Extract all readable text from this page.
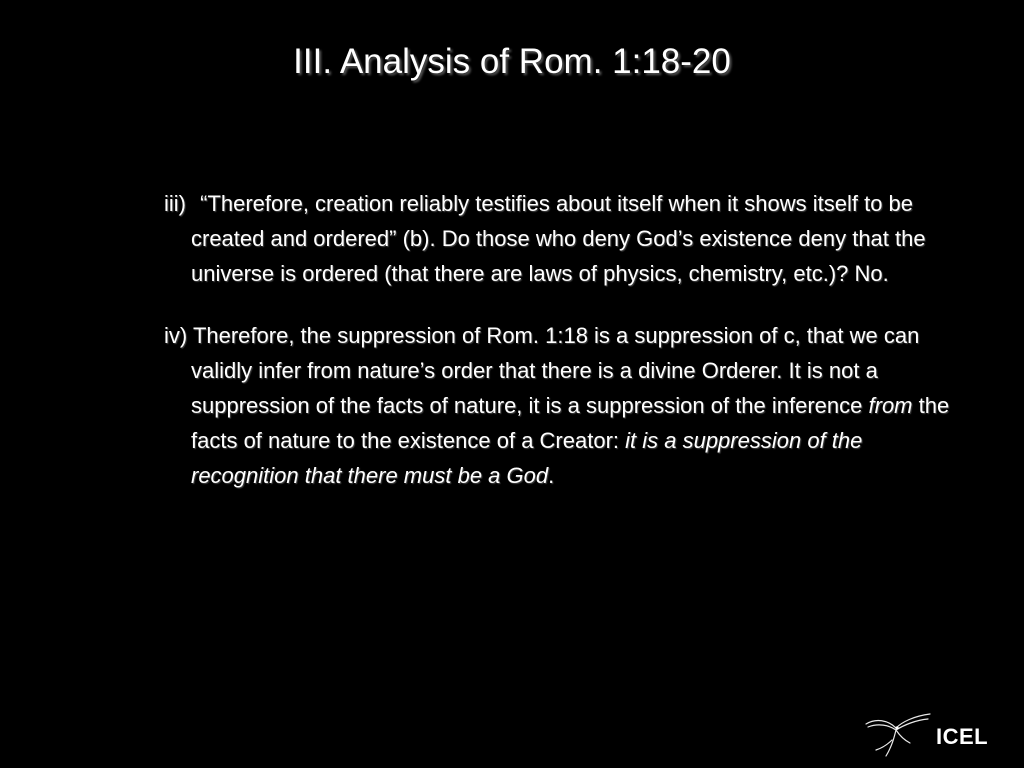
III. Analysis of Rom. 1:18-20

iii) “Therefore, creation reliably testifies about itself when it shows itself to be created and ordered” (b). Do those who deny God’s existence deny that the universe is ordered (that there are laws of physics, chemistry, etc.)? No.

iv) Therefore, the suppression of Rom. 1:18 is a suppression of c, that we can validly infer from nature’s order that there is a divine Orderer. It is not a suppression of the facts of nature, it is a suppression of the inference from the facts of nature to the existence of a Creator: it is a suppression of the recognition that there must be a God.

ICEL
